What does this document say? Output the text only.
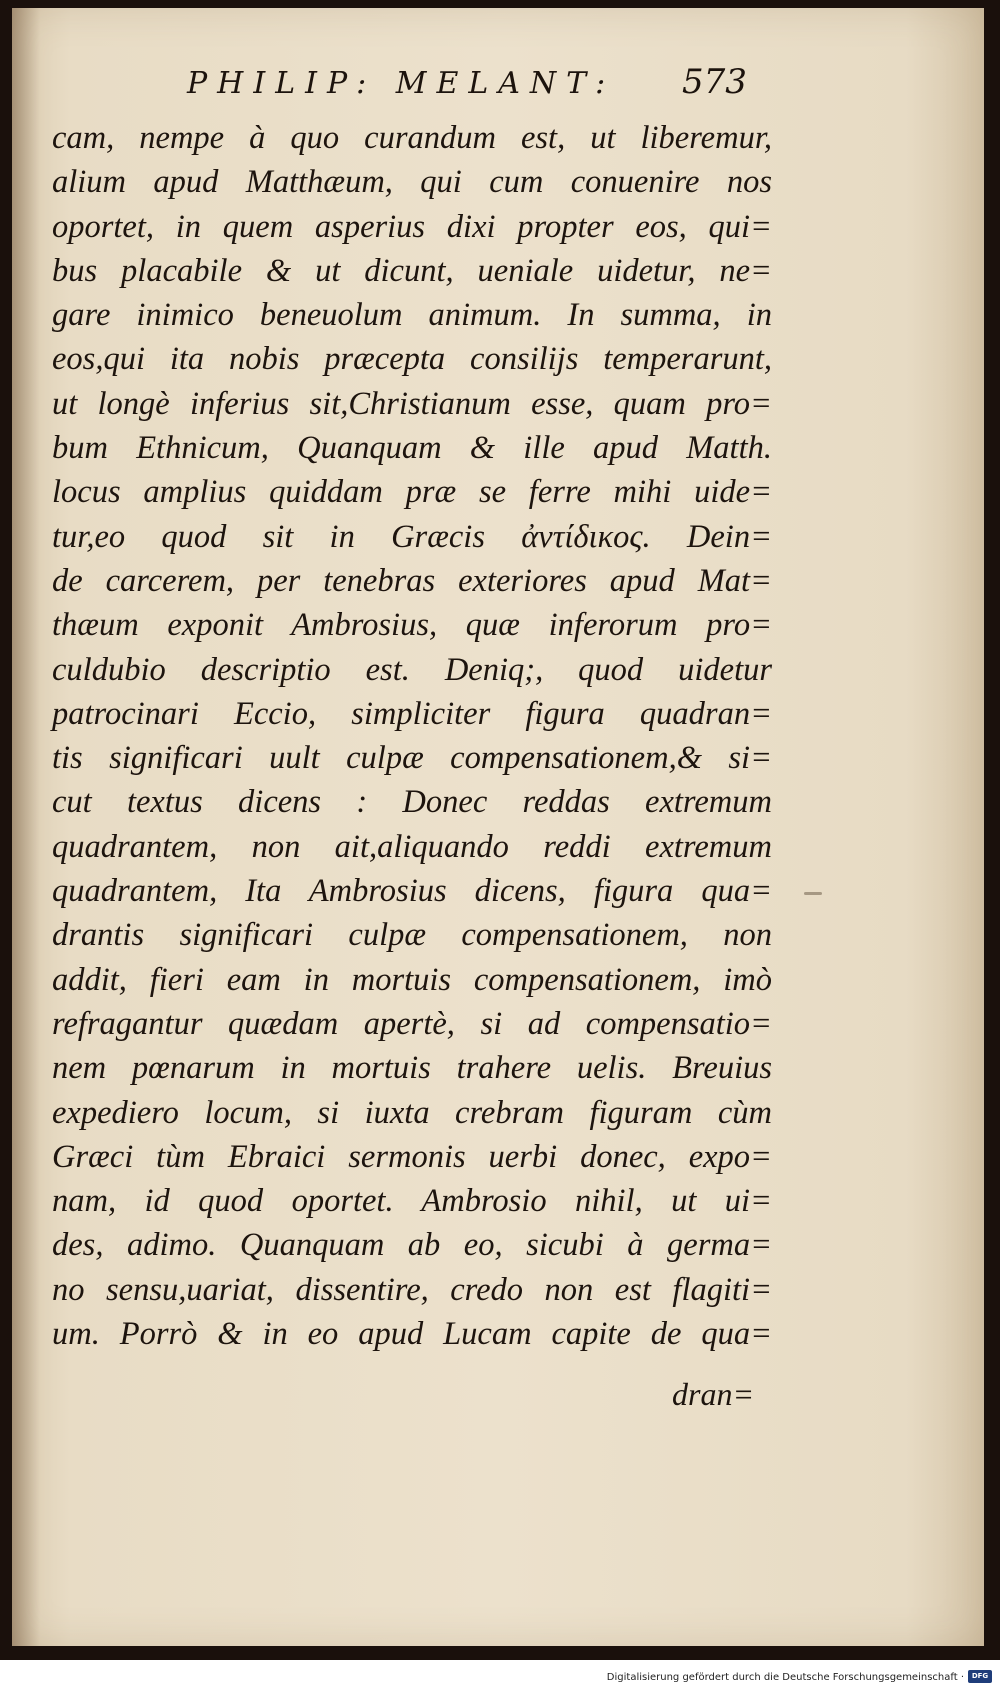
PHILIP: MELANT: 573
cam, nempe à quo curandum est, ut liberemur,
alium apud Matthæum, qui cum conuenire nos
oportet, in quem asperius dixi propter eos, qui=
bus placabile & ut dicunt, ueniale uidetur, ne=
gare inimico beneuolum animum. In summa, in
eos,qui ita nobis præcepta consilijs temperarunt,
ut longè inferius sit,Christianum esse, quam pro=
bum Ethnicum, Quanquam & ille apud Matth.
locus amplius quiddam præ se ferre mihi uide=
tur,eo quod sit in Græcis ἀντίδικος. Dein=
de carcerem, per tenebras exteriores apud Mat=
thæum exponit Ambrosius, quæ inferorum pro=
culdubio descriptio est. Deniq;, quod uidetur
patrocinari Eccio, simpliciter figura quadran=
tis significari uult culpæ compensationem,& si=
cut textus dicens : Donec reddas extremum
quadrantem, non ait,aliquando reddi extremum
quadrantem, Ita Ambrosius dicens, figura qua=
drantis significari culpæ compensationem, non
addit, fieri eam in mortuis compensationem, imò
refragantur quædam apertè, si ad compensatio=
nem pœnarum in mortuis trahere uelis. Breuius
expediero locum, si iuxta crebram figuram cùm
Græci tùm Ebraici sermonis uerbi donec, expo=
nam, id quod oportet. Ambrosio nihil, ut ui=
des, adimo. Quanquam ab eo, sicubi à germa=
no sensu,uariat, dissentire, credo non est flagiti=
um. Porrò & in eo apud Lucam capite de qua=
dran=
Digitalisierung gefördert durch die Deutsche Forschungsgemeinschaft ·	DFG
